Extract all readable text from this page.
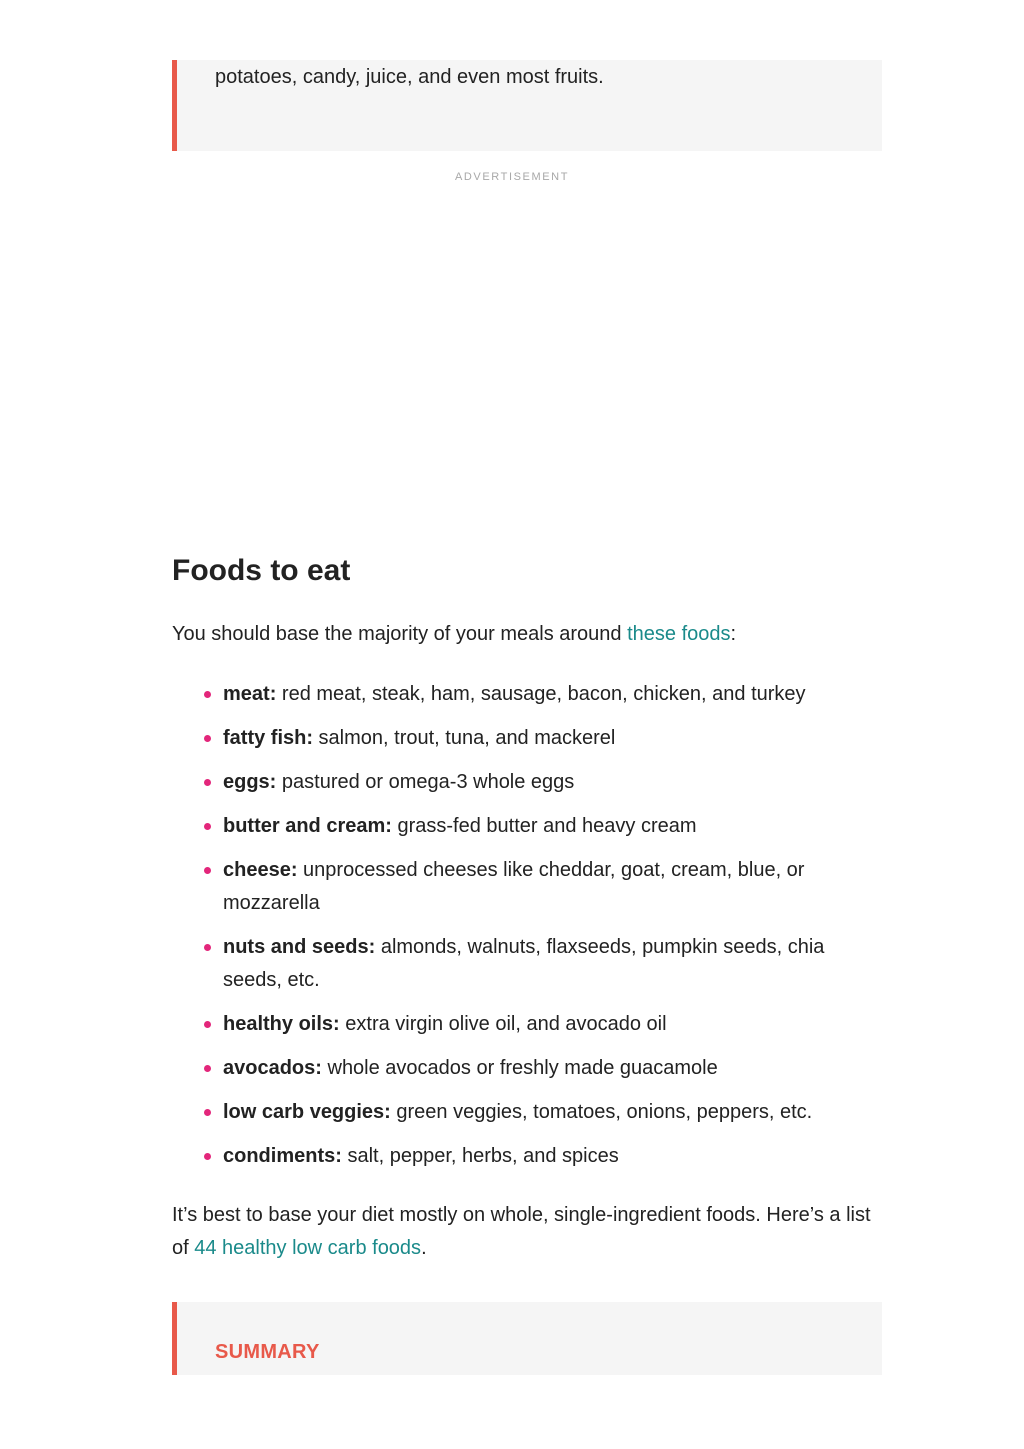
potatoes, candy, juice, and even most fruits.

ADVERTISEMENT
Foods to eat

You should base the majority of your meals around these foods:

meat: red meat, steak, ham, sausage, bacon, chicken, and turkey
fatty fish: salmon, trout, tuna, and mackerel
eggs: pastured or omega-3 whole eggs
butter and cream: grass-fed butter and heavy cream
cheese: unprocessed cheeses like cheddar, goat, cream, blue, or mozzarella
nuts and seeds: almonds, walnuts, flaxseeds, pumpkin seeds, chia seeds, etc.
healthy oils: extra virgin olive oil, and avocado oil
avocados: whole avocados or freshly made guacamole
low carb veggies: green veggies, tomatoes, onions, peppers, etc.
condiments: salt, pepper, herbs, and spices

It’s best to base your diet mostly on whole, single-ingredient foods. Here’s a list of 44 healthy low carb foods.

SUMMARY
